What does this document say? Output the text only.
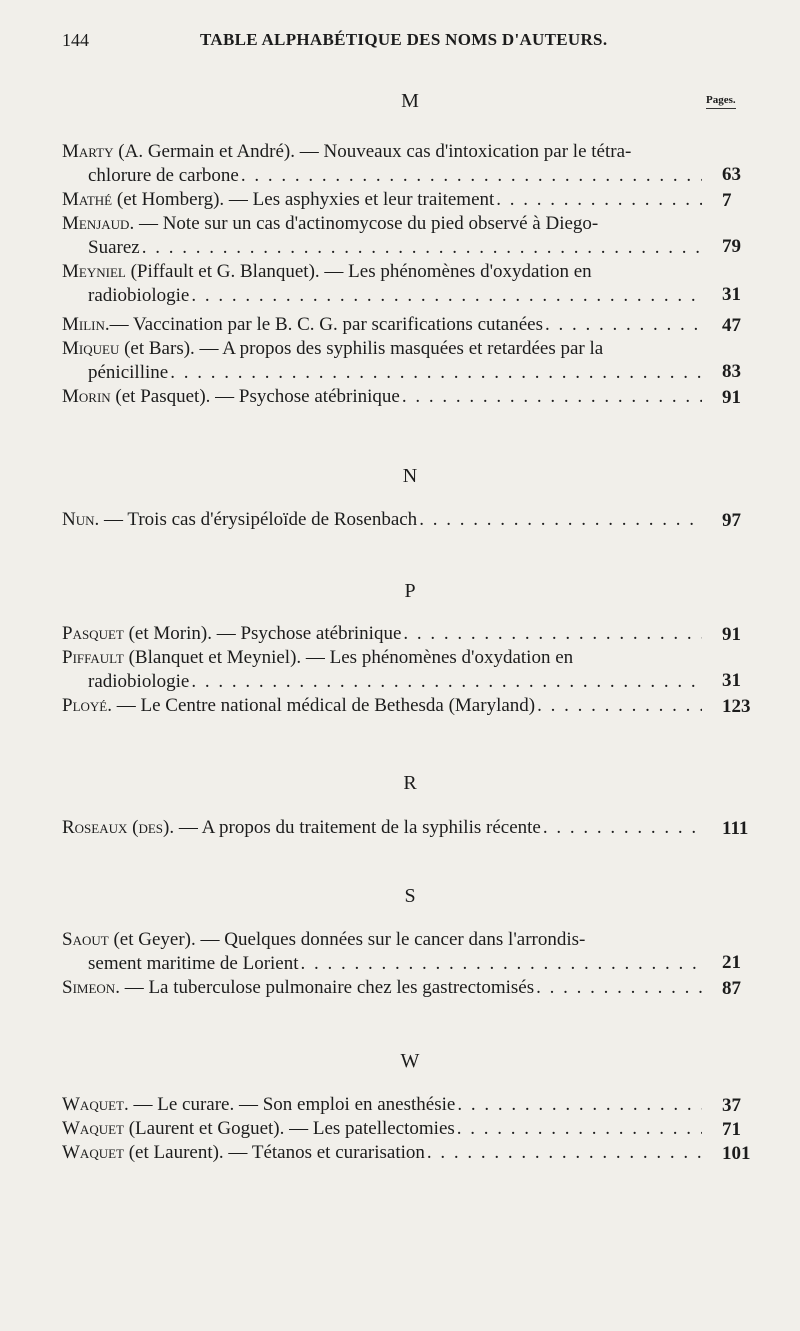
144	TABLE ALPHABÉTIQUE DES NOMS D'AUTEURS.
Pages.
M
Marty (A. Germain et André). — Nouveaux cas d'intoxication par le tétra-
chlorure de carbone . . .	63
Mathé (et Homberg). — Les asphyxies et leur traitement . . .	7
Menjaud . — Note sur un cas d'actinomycose du pied observé à Diego-
Suarez . . .	79
Meyniel (Piffault et G. Blanquet). — Les phénomènes d'oxydation en
radiobiologie . . .	31
Milin .— Vaccination par le B. C. G. par scarifications cutanées . . .	47
Miqueu (et Bars). — A propos des syphilis masquées et retardées par la
pénicilline . . .	83
Morin (et Pasquet). — Psychose atébrinique . . .	91
N
Nun . — Trois cas d'érysipéloïde de Rosenbach . . .	97
P
Pasquet (et Morin). — Psychose atébrinique . . .	91
Piffault (Blanquet et Meyniel). — Les phénomènes d'oxydation en
radiobiologie . . .	31
Ployé . — Le Centre national médical de Bethesda (Maryland) . . .	123
R
Roseaux (des) . — A propos du traitement de la syphilis récente . . .	111
S
Saout (et Geyer). — Quelques données sur le cancer dans l'arrondis-
sement maritime de Lorient . . .	21
Simeon . — La tuberculose pulmonaire chez les gastrectomisés . . .	87
W
Waquet . — Le curare. — Son emploi en anesthésie . . .	37
Waquet (Laurent et Goguet). — Les patellectomies . . .	71
Waquet (et Laurent). — Tétanos et curarisation . . .	101
